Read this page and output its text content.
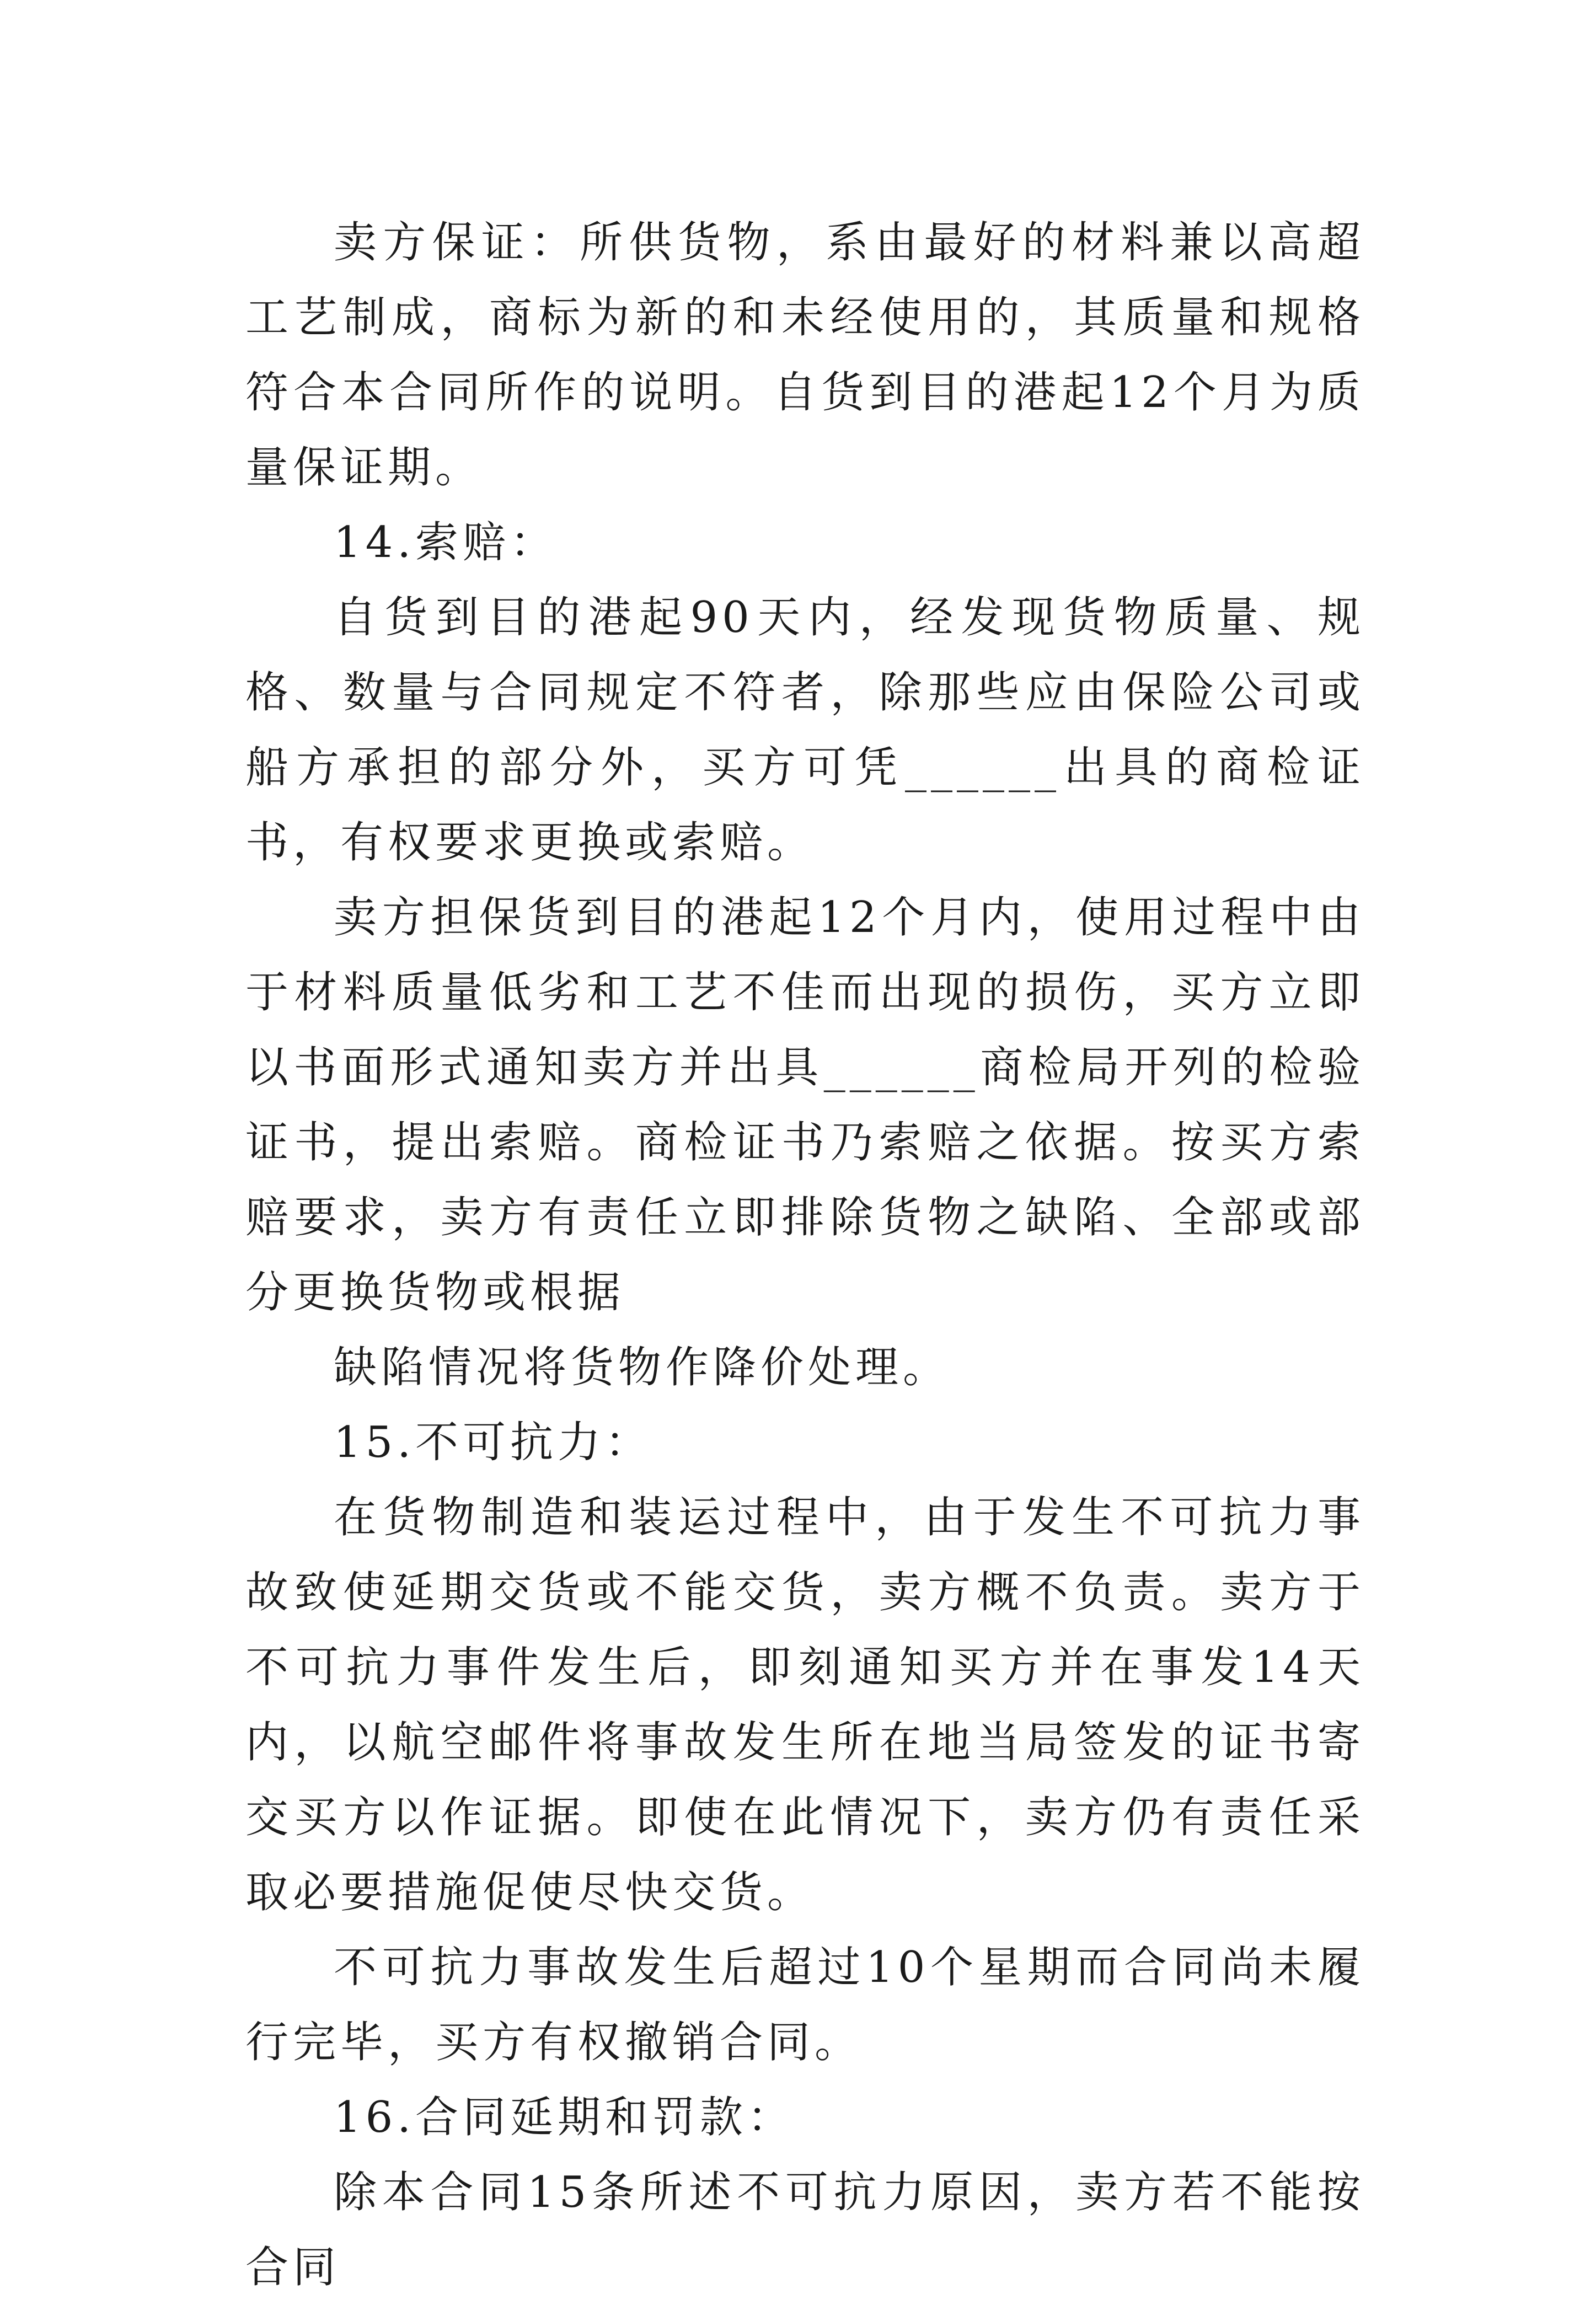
卖方保证：所供货物，系由最好的材料兼以高超工艺制成，商标为新的和未经使用的，其质量和规格符合本合同所作的说明。自货到目的港起12个月为质量保证期。

14.索赔：

自货到目的港起90天内，经发现货物质量、规格、数量与合同规定不符者，除那些应由保险公司或船方承担的部分外，买方可凭______出具的商检证书，有权要求更换或索赔。

卖方担保货到目的港起12个月内，使用过程中由于材料质量低劣和工艺不佳而出现的损伤，买方立即以书面形式通知卖方并出具______商检局开列的检验证书，提出索赔。商检证书乃索赔之依据。按买方索赔要求，卖方有责任立即排除货物之缺陷、全部或部分更换货物或根据

缺陷情况将货物作降价处理。

15.不可抗力：

在货物制造和装运过程中，由于发生不可抗力事故致使延期交货或不能交货，卖方概不负责。卖方于不可抗力事件发生后，即刻通知买方并在事发14天内，以航空邮件将事故发生所在地当局签发的证书寄交买方以作证据。即使在此情况下，卖方仍有责任采取必要措施促使尽快交货。

不可抗力事故发生后超过10个星期而合同尚未履行完毕，买方有权撤销合同。

16.合同延期和罚款：

除本合同15条所述不可抗力原因，卖方若不能按合同
